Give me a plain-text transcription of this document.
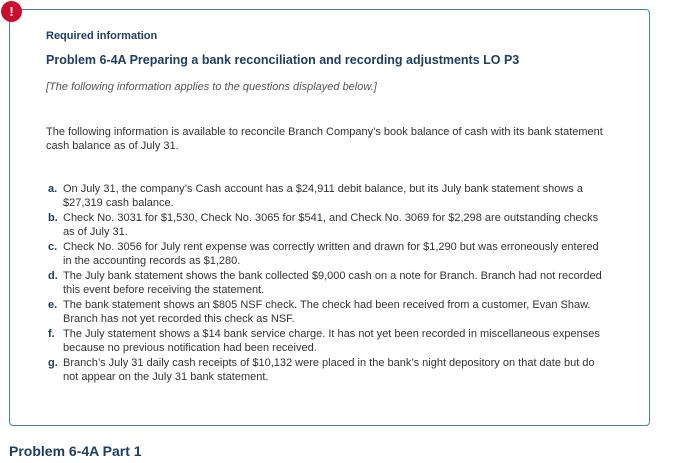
Required information
Problem 6-4A Preparing a bank reconciliation and recording adjustments LO P3
[The following information applies to the questions displayed below.]
The following information is available to reconcile Branch Company’s book balance of cash with its bank statement cash balance as of July 31.
a. On July 31, the company’s Cash account has a $24,911 debit balance, but its July bank statement shows a $27,319 cash balance.
b. Check No. 3031 for $1,530, Check No. 3065 for $541, and Check No. 3069 for $2,298 are outstanding checks as of July 31.
c. Check No. 3056 for July rent expense was correctly written and drawn for $1,290 but was erroneously entered in the accounting records as $1,280.
d. The July bank statement shows the bank collected $9,000 cash on a note for Branch. Branch had not recorded this event before receiving the statement.
e. The bank statement shows an $805 NSF check. The check had been received from a customer, Evan Shaw. Branch has not yet recorded this check as NSF.
f. The July statement shows a $14 bank service charge. It has not yet been recorded in miscellaneous expenses because no previous notification had been received.
g. Branch’s July 31 daily cash receipts of $10,132 were placed in the bank’s night depository on that date but do not appear on the July 31 bank statement.
!
Problem 6-4A Part 1
